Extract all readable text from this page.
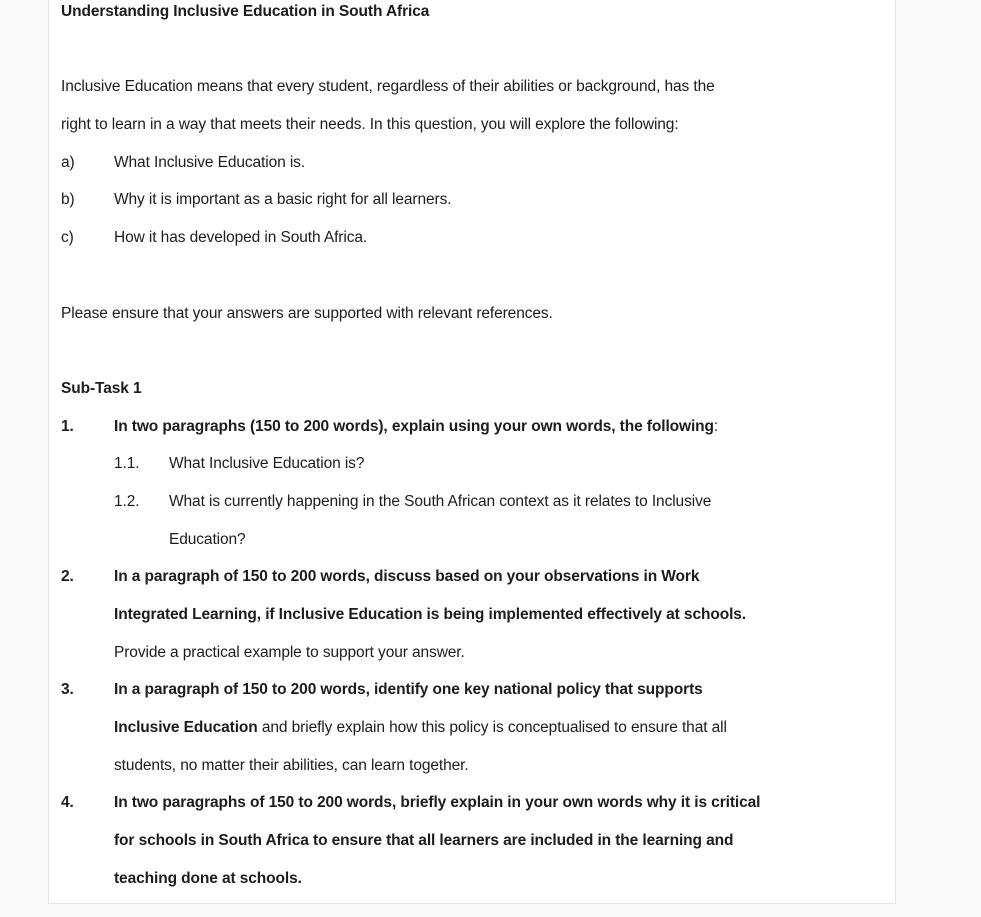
Understanding Inclusive Education in South Africa
Inclusive Education means that every student, regardless of their abilities or background, has the
right to learn in a way that meets their needs. In this question, you will explore the following:
a)	What Inclusive Education is.
b)	Why it is important as a basic right for all learners.
c)	How it has developed in South Africa.
Please ensure that your answers are supported with relevant references.
Sub-Task 1
1.	In two paragraphs (150 to 200 words), explain using your own words, the following:
1.1.	What Inclusive Education is?
1.2.	What is currently happening in the South African context as it relates to Inclusive
Education?
2.	In a paragraph of 150 to 200 words, discuss based on your observations in Work
Integrated Learning, if Inclusive Education is being implemented effectively at schools.
Provide a practical example to support your answer.
3.	In a paragraph of 150 to 200 words, identify one key national policy that supports
Inclusive Education and briefly explain how this policy is conceptualised to ensure that all
students, no matter their abilities, can learn together.
4.	In two paragraphs of 150 to 200 words, briefly explain in your own words why it is critical
for schools in South Africa to ensure that all learners are included in the learning and
teaching done at schools.
